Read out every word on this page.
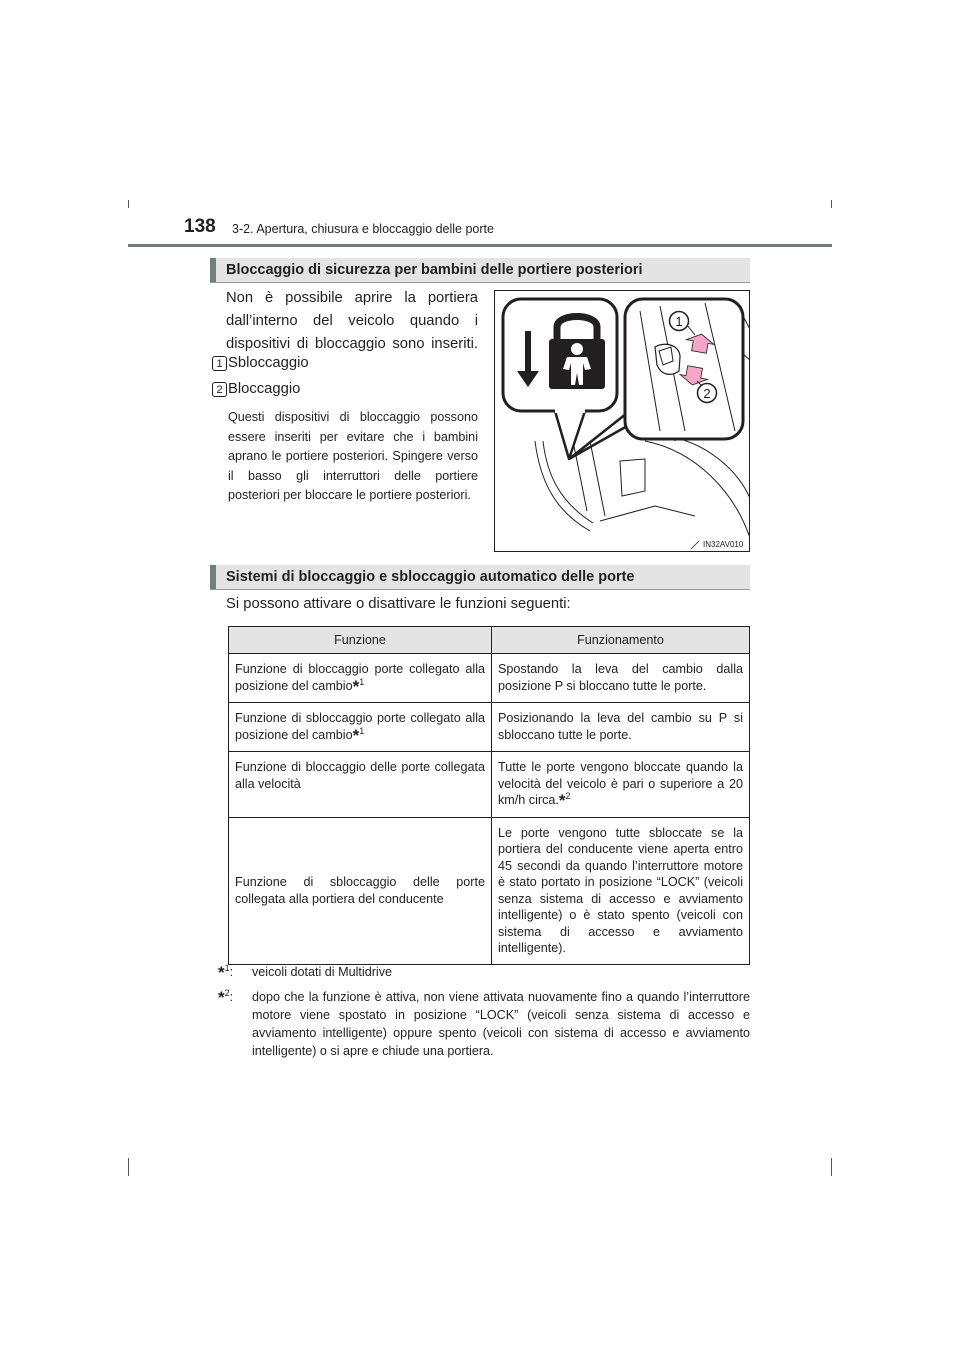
138 3-2. Apertura, chiusura e bloccaggio delle porte
Bloccaggio di sicurezza per bambini delle portiere posteriori
Non è possibile aprire la portiera dall’interno del veicolo quando i dispositivi di bloccaggio sono inseriti.
1 Sbloccaggio
2 Bloccaggio
Questi dispositivi di bloccaggio possono essere inseriti per evitare che i bambini aprano le portiere posteriori. Spingere verso il basso gli interruttori delle portiere posteriori per bloccare le portiere posteriori.
1
2
IN32AV010
Sistemi di bloccaggio e sbloccaggio automatico delle porte
Si possono attivare o disattivare le funzioni seguenti:
Funzione	Funzionamento
Funzione di bloccaggio porte collegato alla posizione del cambio*$^1$	Spostando la leva del cambio dalla posizione P si bloccano tutte le porte.
Funzione di sbloccaggio porte collegato alla posizione del cambio*$^1$	Posizionando la leva del cambio su P si sbloccano tutte le porte.
Funzione di bloccaggio delle porte collegata alla velocità	Tutte le porte vengono bloccate quando la velocità del veicolo è pari o superiore a 20 km/h circa.*$^2$
Funzione di sbloccaggio delle porte collegata alla portiera del conducente	Le porte vengono tutte sbloccate se la portiera del conducente viene aperta entro 45 secondi da quando l’interruttore motore è stato portato in posizione “LOCK” (veicoli senza sistema di accesso e avviamento intelligente) o è stato spento (veicoli con sistema di accesso e avviamento intelligente).
*$^1$: veicoli dotati di Multidrive
*$^2$: dopo che la funzione è attiva, non viene attivata nuovamente fino a quando l’interruttore motore viene spostato in posizione “LOCK” (veicoli senza sistema di accesso e avviamento intelligente) oppure spento (veicoli con sistema di accesso e avviamento intelligente) o si apre e chiude una portiera.
